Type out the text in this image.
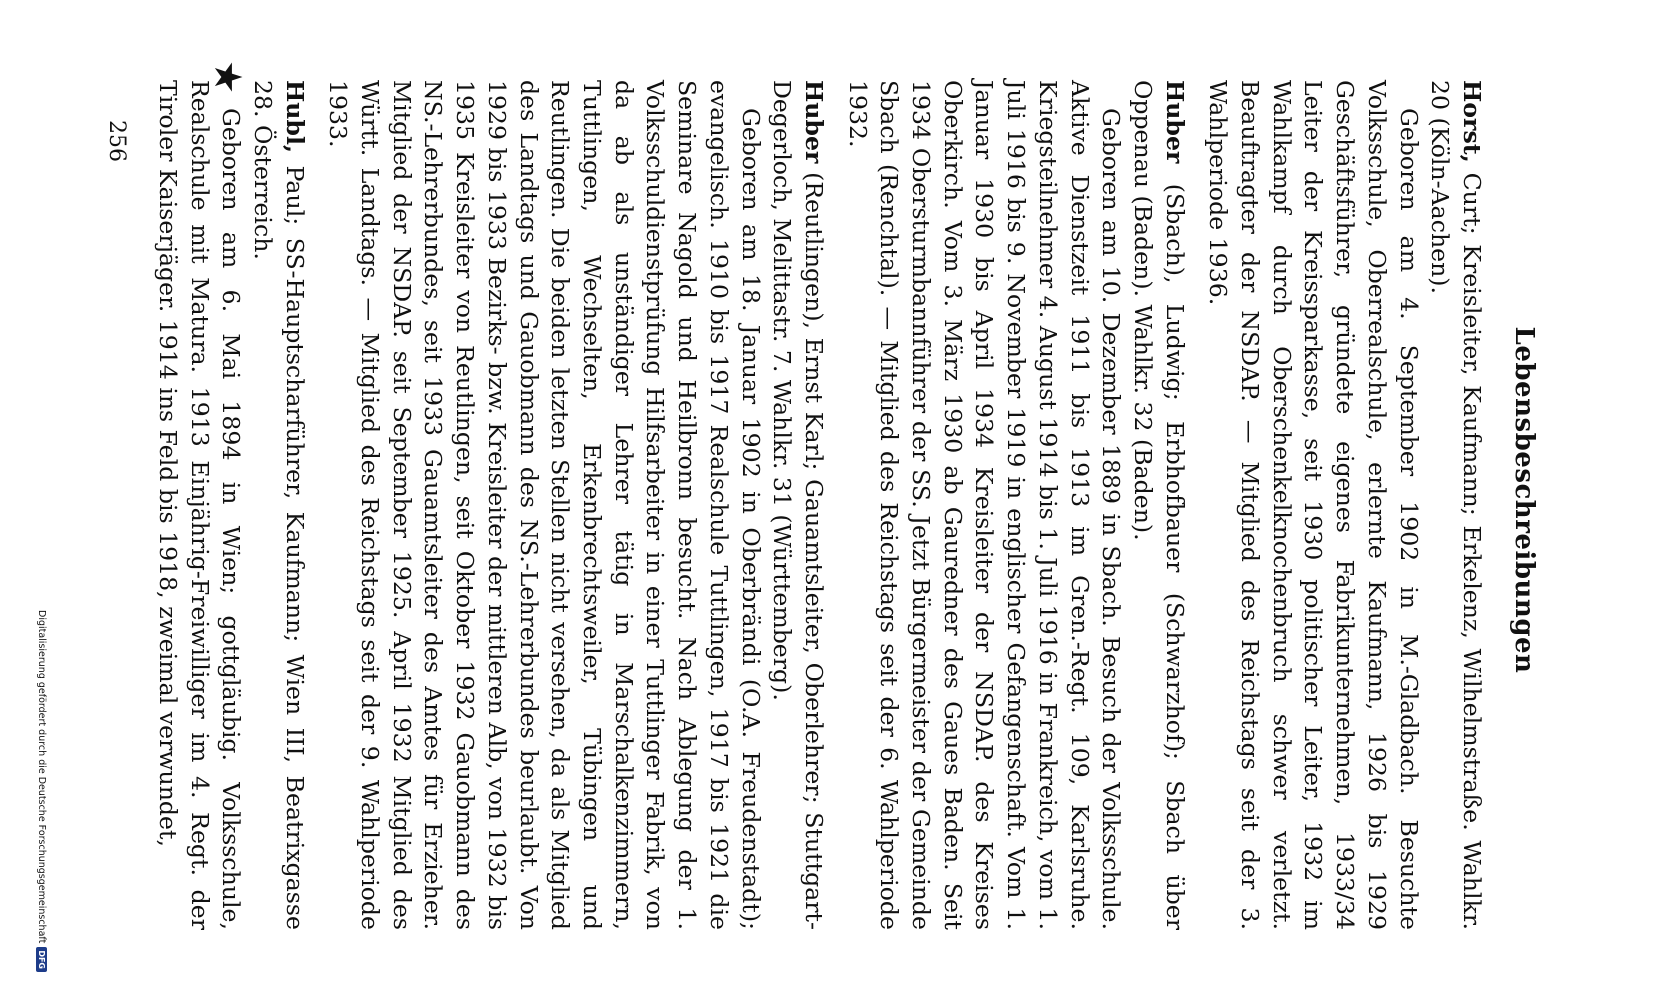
Lebensbeschreibungen
Horst, Curt; Kreisleiter, Kaufmann; Erkelenz, Wilhelmstraße. Wahlkr. 20 (Köln-Aachen).
Geboren am 4. September 1902 in M.-Gladbach. Besuchte Volksschule, Oberrealschule, erlernte Kaufmann, 1926 bis 1929 Geschäftsführer, gründete eigenes Fabrikunternehmen, 1933/34 Leiter der Kreissparkasse, seit 1930 politischer Leiter, 1932 im Wahlkampf durch Oberschenkelknochenbruch schwer verletzt. Beauftragter der NSDAP. — Mitglied des Reichstags seit der 3. Wahlperiode 1936.
Huber (Sbach), Ludwig; Erbhofbauer (Schwarzhof); Sbach über Oppenau (Baden). Wahlkr. 32 (Baden).
Geboren am 10. Dezember 1889 in Sbach. Besuch der Volksschule. Aktive Dienstzeit 1911 bis 1913 im Gren.-Regt. 109, Karlsruhe. Kriegsteilnehmer 4. August 1914 bis 1. Juli 1916 in Frankreich, vom 1. Juli 1916 bis 9. November 1919 in englischer Gefangenschaft. Vom 1. Januar 1930 bis April 1934 Kreisleiter der NSDAP. des Kreises Oberkirch. Vom 3. März 1930 ab Gauredner des Gaues Baden. Seit 1934 Obersturmbannführer der SS. Jetzt Bürgermeister der Gemeinde Sbach (Renchtal). — Mitglied des Reichstags seit der 6. Wahlperiode 1932.
Huber (Reutlingen), Ernst Karl; Gauamtsleiter, Oberlehrer; Stuttgart-Degerloch, Melittastr. 7. Wahlkr. 31 (Württemberg).
Geboren am 18. Januar 1902 in Oberbrändi (O.A. Freudenstadt); evangelisch. 1910 bis 1917 Realschule Tuttlingen, 1917 bis 1921 die Seminare Nagold und Heilbronn besucht. Nach Ablegung der 1. Volksschuldienstprüfung Hilfsarbeiter in einer Tuttlinger Fabrik, von da ab als unständiger Lehrer tätig in Marschalkenzimmern, Tuttlingen, Wechselten, Erkenbrechtsweiler, Tübingen und Reutlingen. Die beiden letzten Stellen nicht versehen, da als Mitglied des Landtags und Gauobmann des NS.-Lehrerbundes beurlaubt. Von 1929 bis 1933 Bezirks- bzw. Kreisleiter der mittleren Alb, von 1932 bis 1935 Kreisleiter von Reutlingen, seit Oktober 1932 Gauobmann des NS.-Lehrerbundes, seit 1933 Gauamtsleiter des Amtes für Erzieher. Mitglied der NSDAP. seit September 1925. April 1932 Mitglied des Württ. Landtags. — Mitglied des Reichstags seit der 9. Wahlperiode 1933.
Hubl, Paul; SS-Hauptscharführer, Kaufmann; Wien III, Beatrixgasse 28. Österreich.
Geboren am 6. Mai 1894 in Wien; gottgläubig. Volksschule, Realschule mit Matura. 1913 Einjährig-Freiwilliger im 4. Regt. der Tiroler Kaiserjäger. 1914 ins Feld bis 1918, zweimal verwundet,
★
256
Digitalisierung gefördert durch die Deutsche Forschungsgemeinschaft
DFG
